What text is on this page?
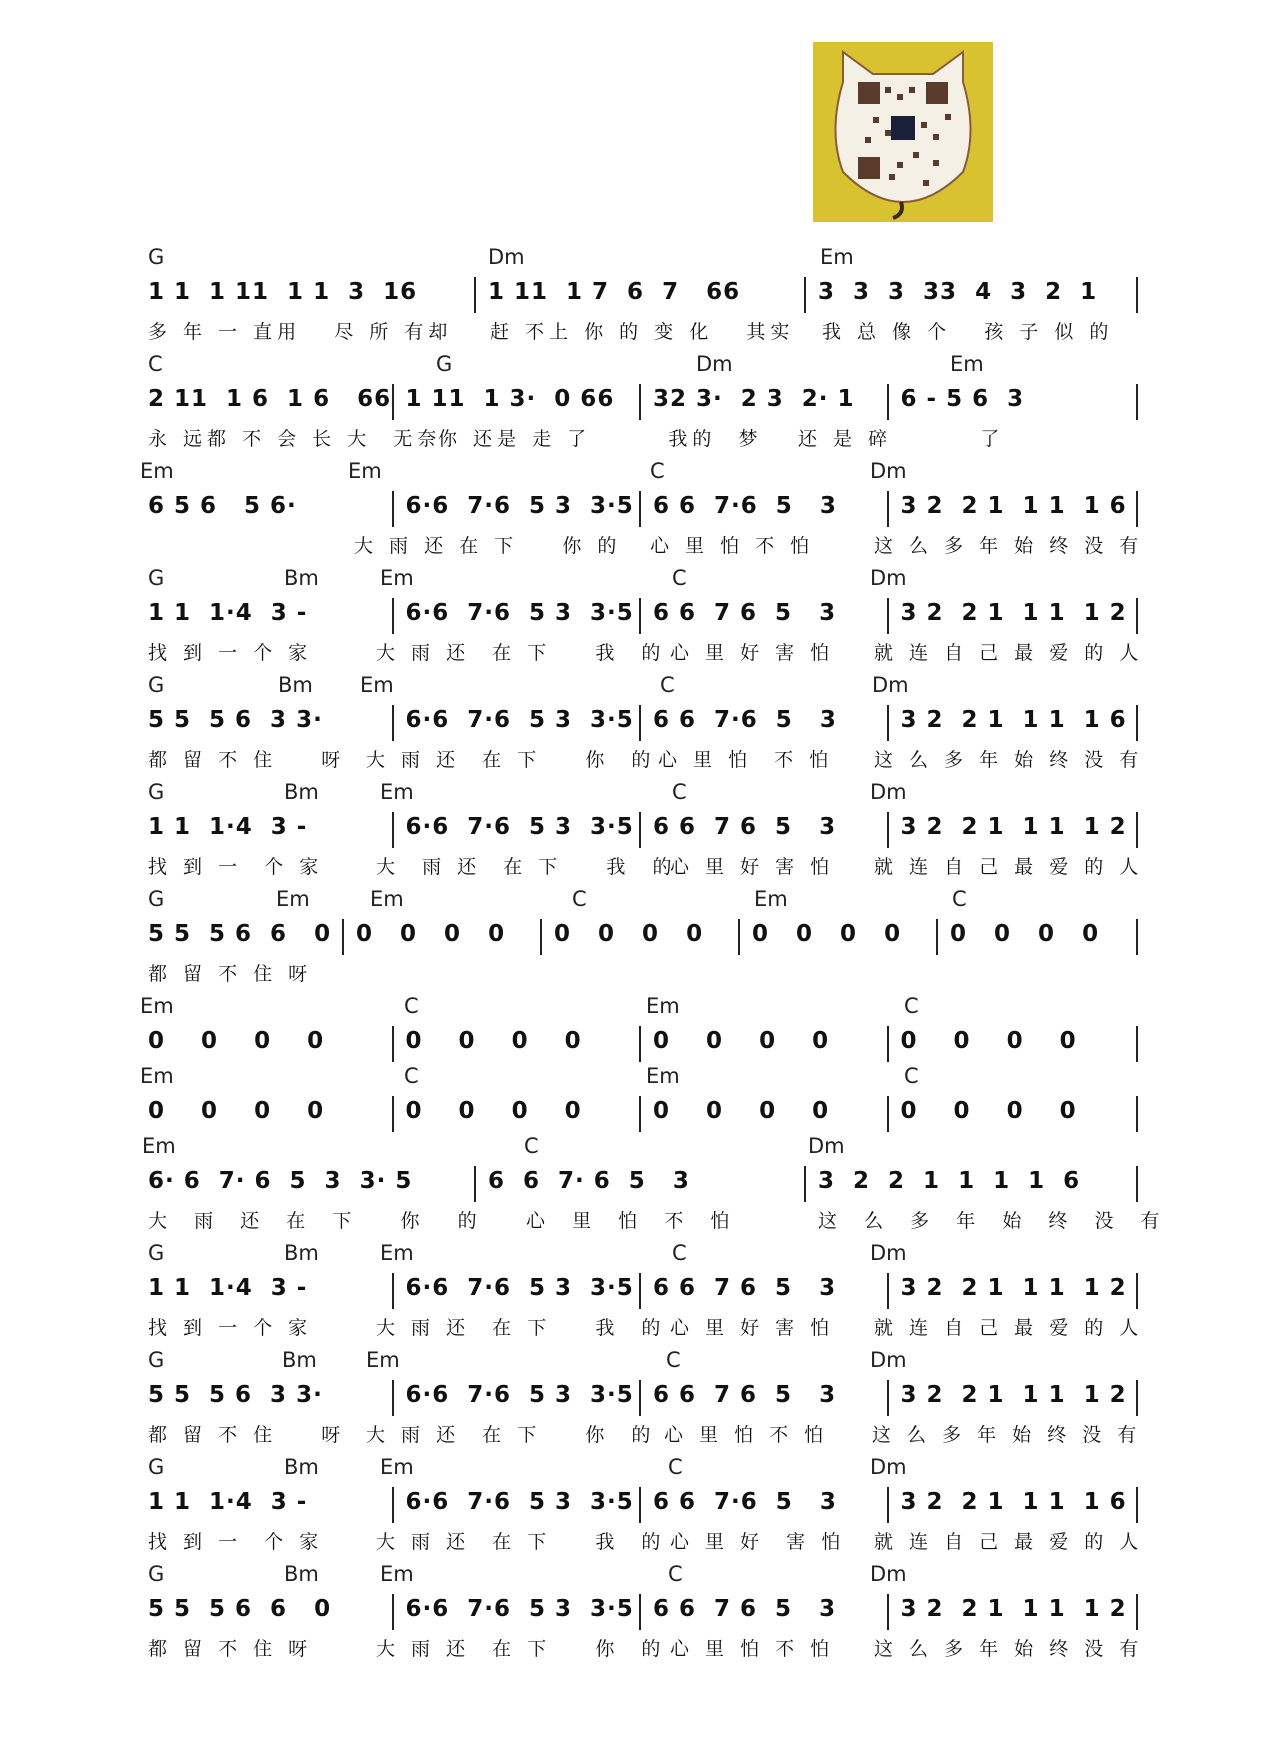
G	Dm	Em
1 1  1 11  1 1  3  16	1 11  1 7  6  7   66	3  3  3  33  4  3  2  1
多 年 一 直用   尽 所 有却 赶 不上 你 的 变 化   其实 我 总 像 个   孩 子 似 的
C	G	Dm	Em
2 11  1 6  1 6   66 1 11  1 3·  0 66	32 3·  2 3  2· 1	6 - 5 6  3
永 远都 不 会 长 大  无奈
你 还是 走 了       我的  梦 还 是 碎        了
Em	Em	C	Dm
6 5 6   5 6·	6·6  7·6  5 3  3·5 6 6  7·6  5   3	3 2  2 1  1 1  1 6
大 雨 还 在 下    你 的 心 里 怕 不 怕	这 么 多 年 始 终 没 有
G	Bm	Em	C	Dm
1 1  1·4  3 -	6·6  7·6  5 3  3·5 6 6  7 6  5   3	3 2  2 1  1 1  1 2
找 到 一 个 家	大 雨 还  在 下    我  的 心 里 好 害 怕 就 连 自 己 最 爱 的 人
G	Bm Em	C	Dm
5 5  5 6  3 3·	6·6  7·6  5 3  3·5 6 6  7·6  5   3	3 2  2 1  1 1  1 6
都 留 不 住    呀 大 雨 还  在 下    你  的 心 里 怕  不 怕 这 么 多 年 始 终 没 有
G	Bm	Em	C	Dm
1 1  1·4  3 -	6·6  7·6  5 3  3·5 6 6  7 6  5   3	3 2  2 1  1 1  1 2
找 到 一  个 家	大  雨 还  在 下    我  的
心 里 好 害 怕 就 连 自 己 最 爱 的 人
G	Em	Em	C	Em	C
5 5  5 6  6   0 0   0   0   0	0   0   0   0	0   0   0   0	0   0   0   0
都 留 不 住 呀
Em	C	Em	C
0    0    0    0	0    0    0    0	0    0    0    0	0    0    0    0
Em	C	Em	C
0    0    0    0	0    0    0    0	0    0    0    0	0    0    0    0
Em	C	Dm
6· 6  7· 6  5  3  3· 5	6  6  7· 6  5   3	3  2  2  1  1  1  1  6
大  雨  还  在  下    你   的 心  里  怕  不  怕	这  么  多  年  始  终  没  有
G	Bm	Em	C	Dm
1 1  1·4  3 -	6·6  7·6  5 3  3·5 6 6  7 6  5   3	3 2  2 1  1 1  1 2
找 到 一 个 家	大 雨 还  在 下    我  的 心 里 好 害 怕 就 连 自 己 最 爱 的 人
G	Bm Em	C	Dm
5 5  5 6  3 3·	6·6  7·6  5 3  3·5 6 6  7 6  5   3	3 2  2 1  1 1  1 2
都 留 不 住    呀 大 雨 还  在 下    你  的 心 里 怕 不 怕 这 么 多 年 始 终 没 有
G	Bm	Em	C	Dm
1 1  1·4  3 -	6·6  7·6  5 3  3·5 6 6  7·6  5   3	3 2  2 1  1 1  1 6
找 到 一  个 家	大 雨 还  在 下    我  的 心 里 好  害 怕 就 连 自 己 最 爱 的 人
G	Bm	Em	C	Dm
5 5  5 6  6   0	6·6  7·6  5 3  3·5 6 6  7 6  5   3	3 2  2 1  1 1  1 2
都 留 不 住 呀	大 雨 还  在 下    你  的 心 里 怕 不 怕 这 么 多 年 始 终 没 有
